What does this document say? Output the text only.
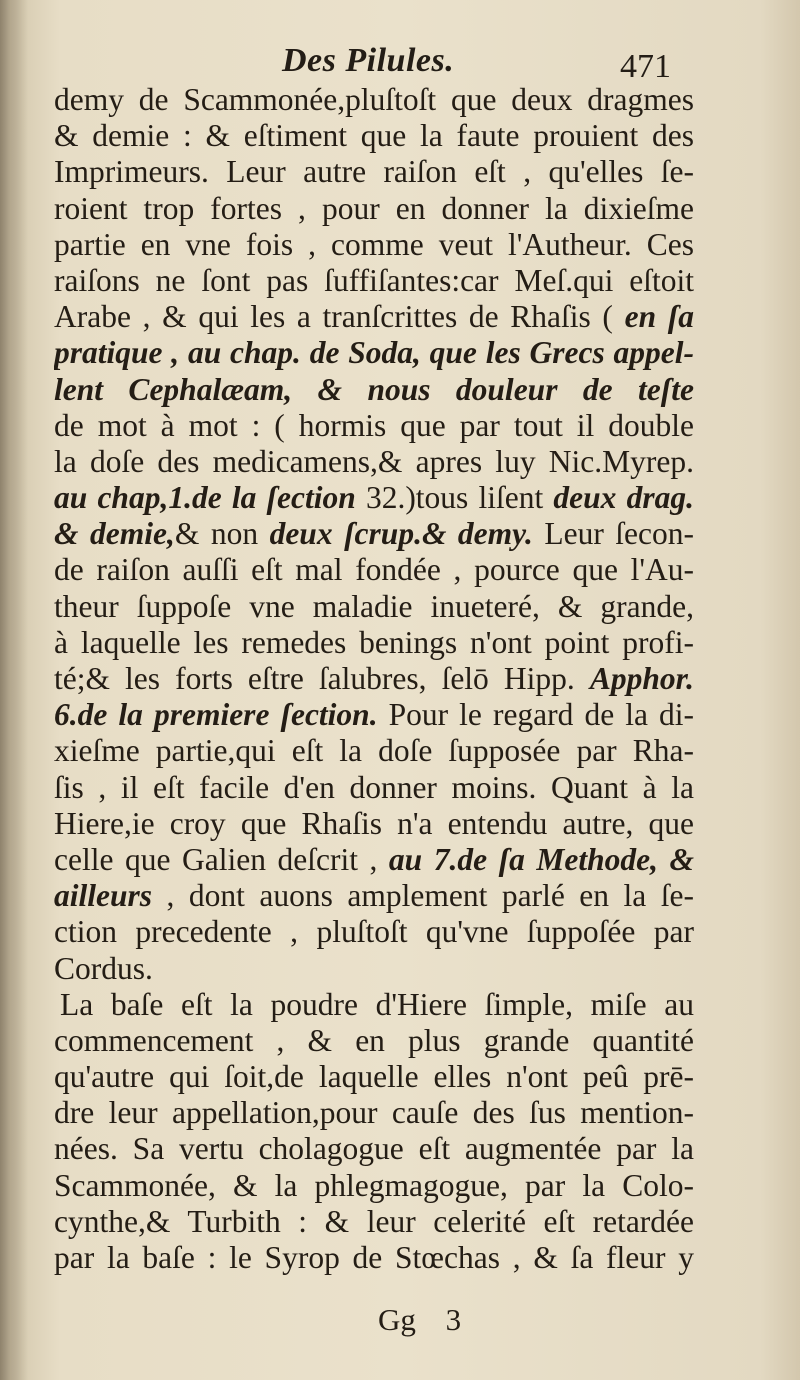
Des Pilules.	471
demy de Scammonée,pluſtoſt que deux dragmes
& demie : & eſtiment que la faute prouient des
Imprimeurs. Leur autre raiſon eſt , qu'elles ſe-
roient trop fortes , pour en donner la dixieſme
partie en vne fois , comme veut l'Autheur. Ces
raiſons ne ſont pas ſuffiſantes:car Meſ.qui eſtoit
Arabe , & qui les a tranſcrittes de Rhaſis ( en ſa
pratique , au chap. de Soda, que les Grecs appel-
lent Cephalæam, & nous douleur de teſte
de mot à mot : ( hormis que par tout il double
la doſe des medicamens,& apres luy Nic.Myrep.
au chap,1.de la ſection 32.)tous liſent deux drag.
& demie,& non deux ſcrup.& demy. Leur ſecon-
de raiſon auſſi eſt mal fondée , pource que l'Au-
theur ſuppoſe vne maladie inueteré, & grande,
à laquelle les remedes benings n'ont point profi-
té;& les forts eſtre ſalubres, ſelō Hipp. Apphor.
6.de la premiere ſection. Pour le regard de la di-
xieſme partie,qui eſt la doſe ſupposée par Rha-
ſis , il eſt facile d'en donner moins. Quant à la
Hiere,ie croy que Rhaſis n'a entendu autre, que
celle que Galien deſcrit , au 7.de ſa Methode, &
ailleurs , dont auons amplement parlé en la ſe-
ction precedente , pluſtoſt qu'vne ſuppoſée par
Cordus.
La baſe eſt la poudre d'Hiere ſimple, miſe au
commencement , & en plus grande quantité
qu'autre qui ſoit,de laquelle elles n'ont peû prē-
dre leur appellation,pour cauſe des ſus mention-
nées. Sa vertu cholagogue eſt augmentée par la
Scammonée, & la phlegmagogue, par la Colo-
cynthe,& Turbith : & leur celerité eſt retardée
par la baſe : le Syrop de Stœchas , & ſa fleur y
Gg 3
